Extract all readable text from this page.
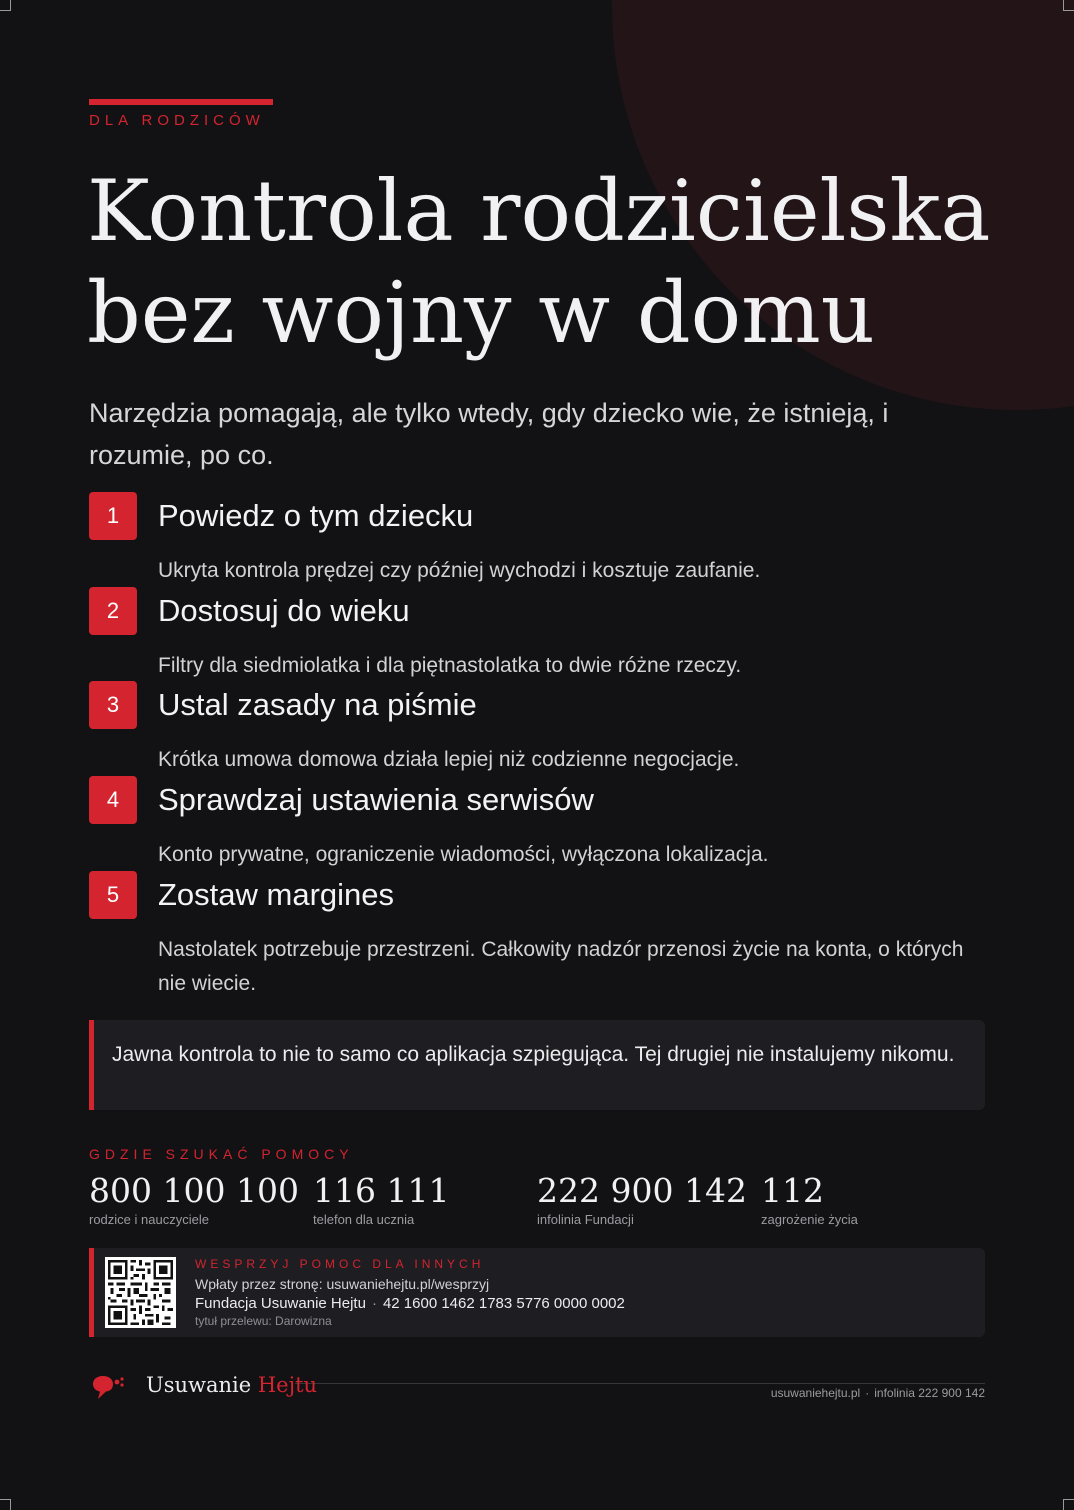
DLA RODZICÓW
Kontrola rodzicielska
bez wojny w domu

Narzędzia pomagają, ale tylko wtedy, gdy dziecko wie, że istnieją, i rozumie, po co.

1	Powiedz o tym dziecku
Ukryta kontrola prędzej czy później wychodzi i kosztuje zaufanie.
2	Dostosuj do wieku
Filtry dla siedmiolatka i dla piętnastolatka to dwie różne rzeczy.
3	Ustal zasady na piśmie
Krótka umowa domowa działa lepiej niż codzienne negocjacje.
4	Sprawdzaj ustawienia serwisów
Konto prywatne, ograniczenie wiadomości, wyłączona lokalizacja.
5	Zostaw margines
Nastolatek potrzebuje przestrzeni. Całkowity nadzór przenosi życie na konta, o których nie wiecie.
Jawna kontrola to nie to samo co aplikacja szpiegująca. Tej drugiej nie instalujemy nikomu.
GDZIE SZUKAĆ POMOCY
800 100 100
rodzice i nauczyciele
116 111
telefon dla ucznia
222 900 142
infolinia Fundacji
112
zagrożenie życia
WESPRZYJ POMOC DLA INNYCH
Wpłaty przez stronę: usuwaniehejtu.pl/wesprzyj
Fundacja Usuwanie Hejtu · 42 1600 1462 1783 5776 0000 0002
tytuł przelewu: Darowizna
Usuwanie Hejtu	usuwaniehejtu.pl · infolinia 222 900 142
